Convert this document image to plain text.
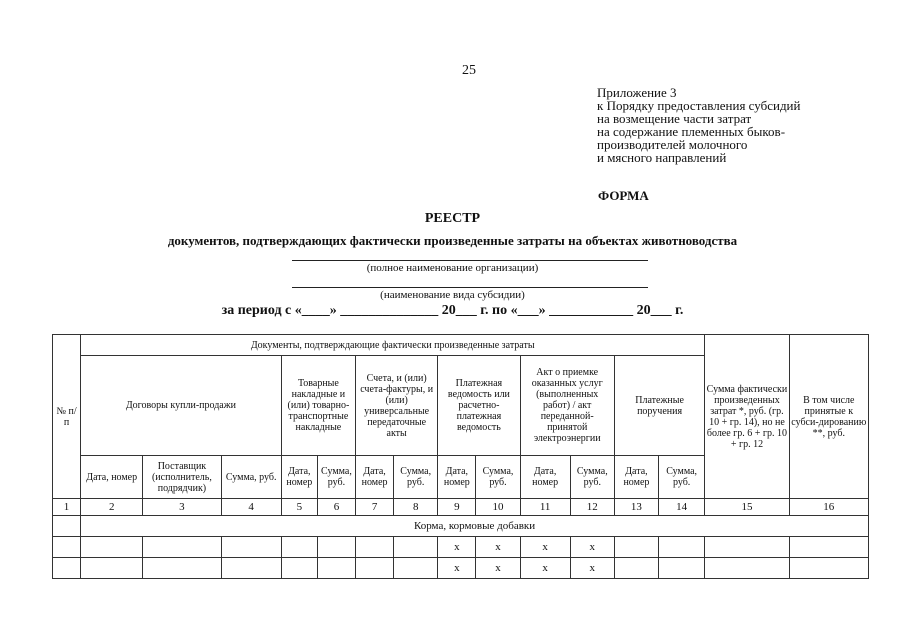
25
Приложение 3
к Порядку предоставления субсидий
на возмещение части затрат
на содержание племенных быков-
производителей молочного
и мясного направлений
ФОРМА
РЕЕСТР
документов, подтверждающих фактически произведенные затраты на объектах животноводства
(полное наименование организации)
(наименование вида субсидии)
за период с «____» ______________ 20___ г. по «___» ____________ 20___ г.
№ п/п	Документы, подтверждающие фактически произведенные затраты													Сумма фактически произведенных затрат *, руб. (гр. 10 + гр. 14), но не более гр. 6 + гр. 10 + гр. 12	В том числе принятые к субси-дированию **, руб.
	Договоры купли-продажи			Товарные накладные и (или) товарно-транспортные накладные		Счета, и (или) счета-фактуры, и (или) универсальные передаточные акты		Платежная ведомость или расчетно-платежная ведомость		Акт о приемке оказанных услуг (выполненных работ) / акт переданной-принятой электроэнергии		Платежные поручения			
	Дата, номер	Поставщик (исполнитель, подрядчик)	Сумма, руб.	Дата, номер	Сумма, руб.	Дата, номер	Сумма, руб.	Дата, номер	Сумма, руб.	Дата, номер	Сумма, руб.	Дата, номер	Сумма, руб.		
1	2	3	4	5	6	7	8	9	10	11	12	13	14	15	16
	Корма, кормовые добавки														
								x	x	x	x				
								x	x	x	x				
